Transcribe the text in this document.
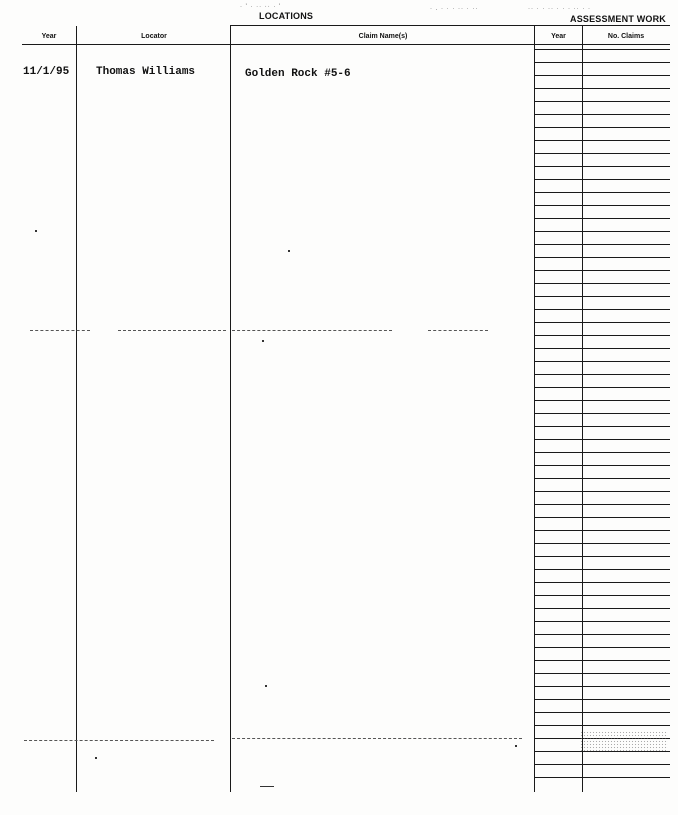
LOCATIONS	ASSESSMENT WORK
· ' · ·· ·· · '	· . · · · ·· · ··	·· · · ·· · · · ·· · ·
Year	Locator	Claim Name(s)	Year	No. Claims
11/1/95 Thomas Williams	Golden Rock #5-6
